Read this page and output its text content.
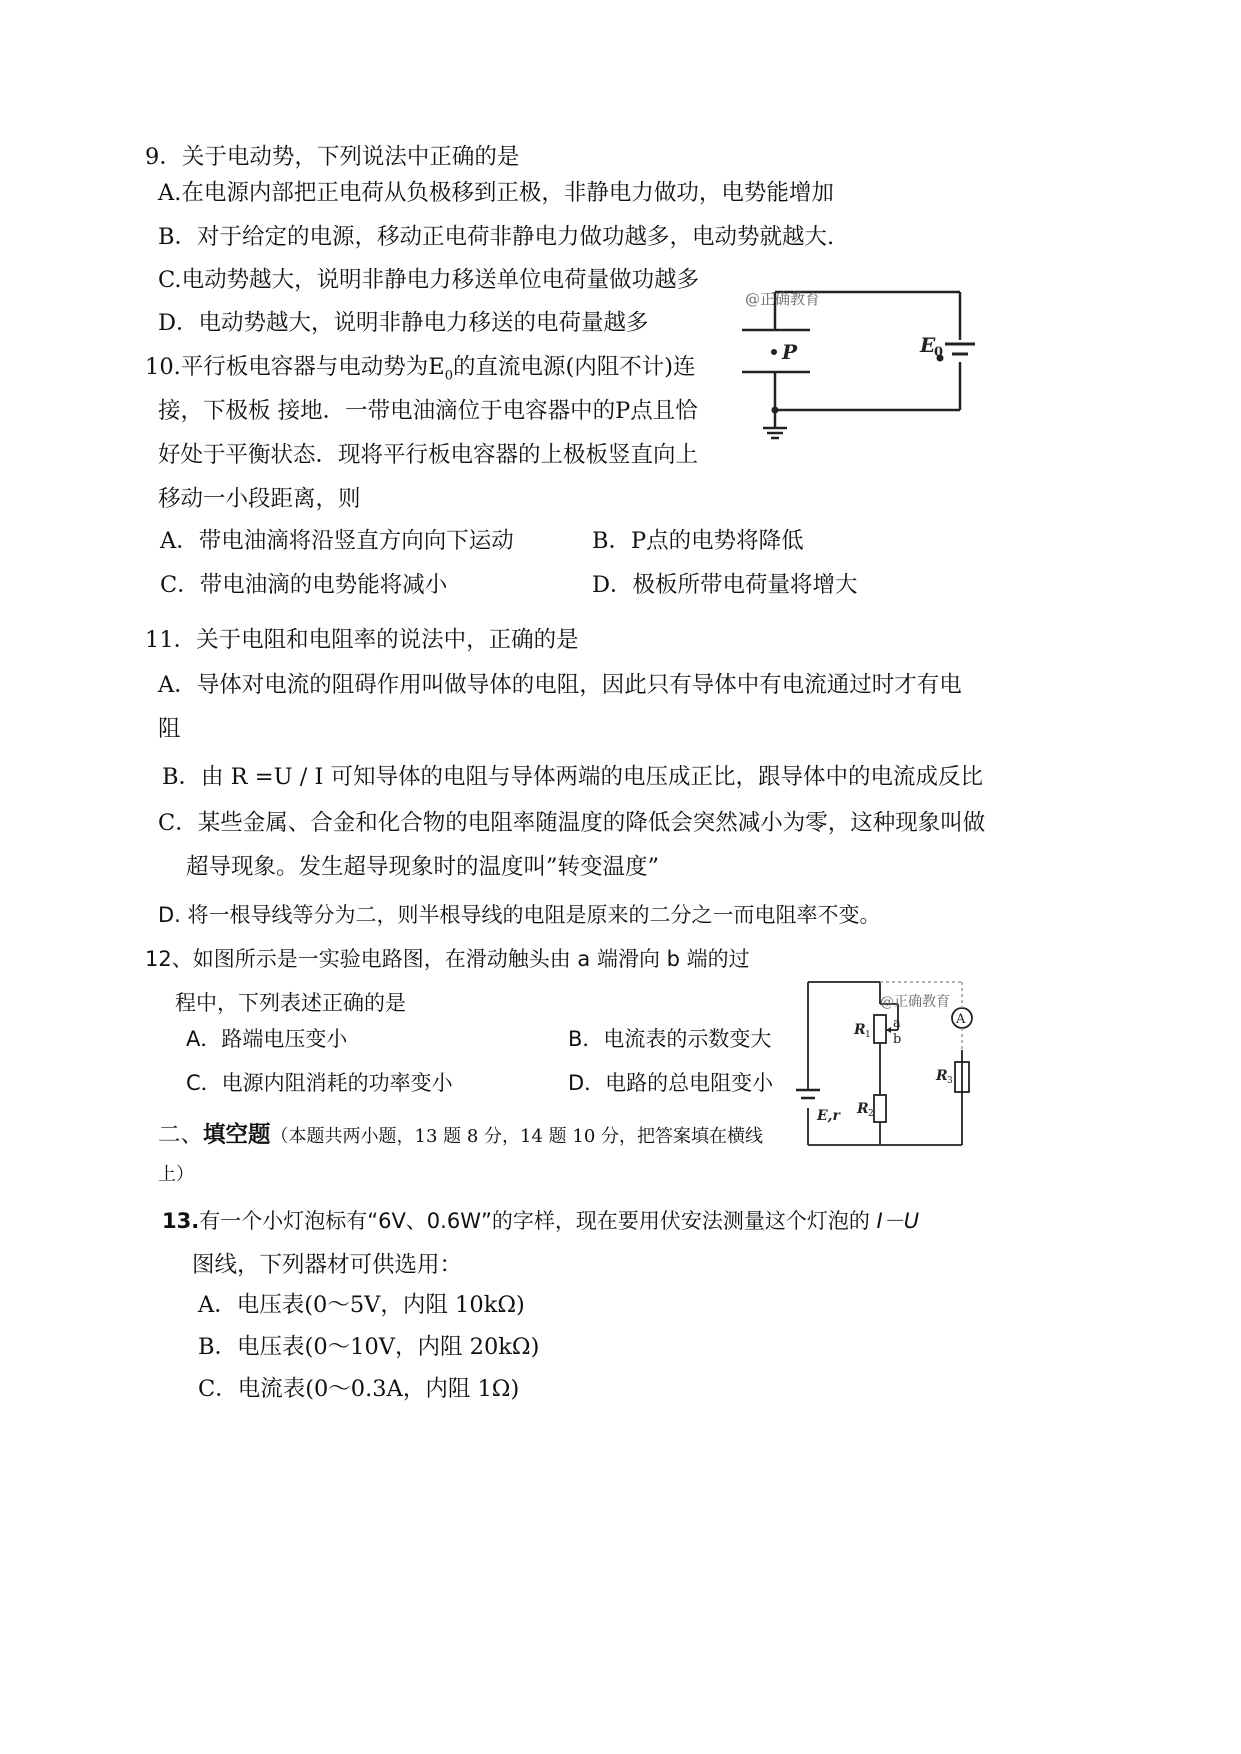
9．关于电动势，下列说法中正确的是
A.在电源内部把正电荷从负极移到正极，非静电力做功，电势能增加
B．对于给定的电源，移动正电荷非静电力做功越多，电动势就越大.
C.电动势越大，说明非静电力移送单位电荷量做功越多
D．电动势越大，说明非静电力移送的电荷量越多
10.平行板电容器与电动势为$E_0$的直流电源(内阻不计)连
接，下极板 接地．一带电油滴位于电容器中的P点且恰
好处于平衡状态．现将平行板电容器的上极板竖直向上
移动一小段距离，则
A．带电油滴将沿竖直方向向下运动	B．P点的电势将降低
C．带电油滴的电势能将减小	D．极板所带电荷量将增大
@正确教育
P	E
0
11．关于电阻和电阻率的说法中，正确的是
A．导体对电流的阻碍作用叫做导体的电阻，因此只有导体中有电流通过时才有电
阻
B．由 R =U / I 可知导体的电阻与导体两端的电压成正比，跟导体中的电流成反比
C．某些金属、合金和化合物的电阻率随温度的降低会突然减小为零，这种现象叫做
超导现象。发生超导现象时的温度叫”转变温度”
D. 将一根导线等分为二，则半根导线的电阻是原来的二分之一而电阻率不变。
12、如图所示是一实验电路图，在滑动触头由 a 端滑向 b 端的过
程中，下列表述正确的是
A．路端电压变小	B．电流表的示数变大
C．电源内阻消耗的功率变小	D．电路的总电阻变小
@正确教育
R 1
a
b
R 2
R 3
A
E,r
二、填空题（本题共两小题，13 题 8 分，14 题 10 分，把答案填在横线
上）
13.有一个小灯泡标有“6V、0.6W”的字样，现在要用伏安法测量这个灯泡的 I－U
图线，下列器材可供选用：
A．电压表(0～5V，内阻 10kΩ)
B．电压表(0～10V，内阻 20kΩ)
C．电流表(0～0.3A，内阻 1Ω)
